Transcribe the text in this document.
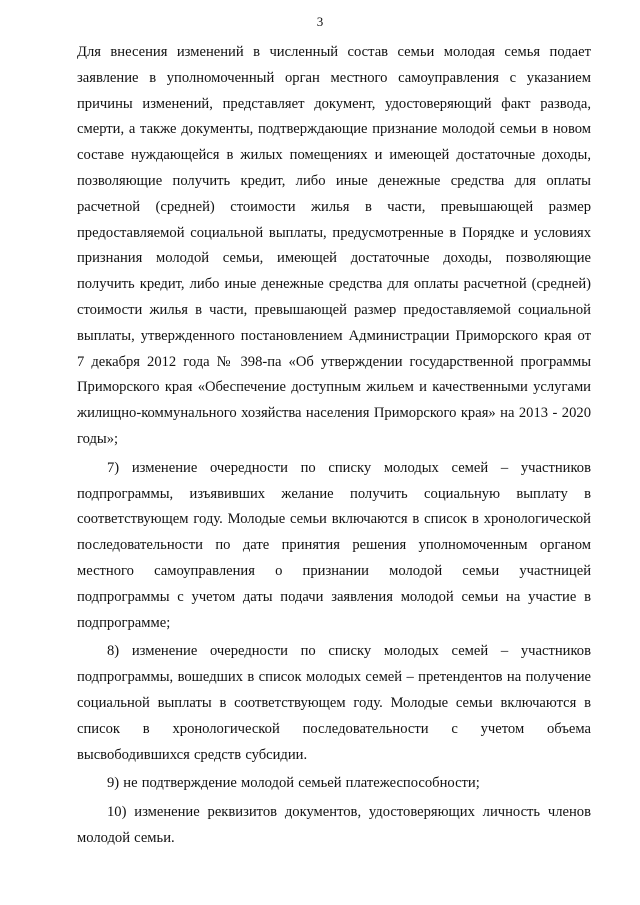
3

Для внесения изменений в численный состав семьи молодая семья подает заявление в уполномоченный орган местного самоуправления с указанием причины изменений, представляет документ, удостоверяющий факт развода, смерти, а также документы, подтверждающие признание молодой семьи в новом составе нуждающейся в жилых помещениях и имеющей достаточные доходы, позволяющие получить кредит, либо иные денежные средства для оплаты расчетной (средней) стоимости жилья в части, превышающей размер предоставляемой социальной выплаты, предусмотренные в Порядке и условиях признания молодой семьи, имеющей достаточные доходы, позволяющие получить кредит, либо иные денежные средства для оплаты расчетной (средней) стоимости жилья в части, превышающей размер предоставляемой социальной выплаты, утвержденного постановлением Администрации Приморского края от 7 декабря 2012 года № 398-па «Об утверждении государственной программы Приморского края «Обеспечение доступным жильем и качественными услугами жилищно-коммунального хозяйства населения Приморского края» на 2013 - 2020 годы»;

7) изменение очередности по списку молодых семей – участников подпрограммы, изъявивших желание получить социальную выплату в соответствующем году. Молодые семьи включаются в список в хронологической последовательности по дате принятия решения уполномоченным органом местного самоуправления о признании молодой семьи участницей подпрограммы с учетом даты подачи заявления молодой семьи на участие в подпрограмме;

8) изменение очередности по списку молодых семей – участников подпрограммы, вошедших в список молодых семей – претендентов на получение социальной выплаты в соответствующем году. Молодые семьи включаются в список в хронологической последовательности с учетом объема высвободившихся средств субсидии.

9) не подтверждение молодой семьей платежеспособности;

10) изменение реквизитов документов, удостоверяющих личность членов молодой семьи.
